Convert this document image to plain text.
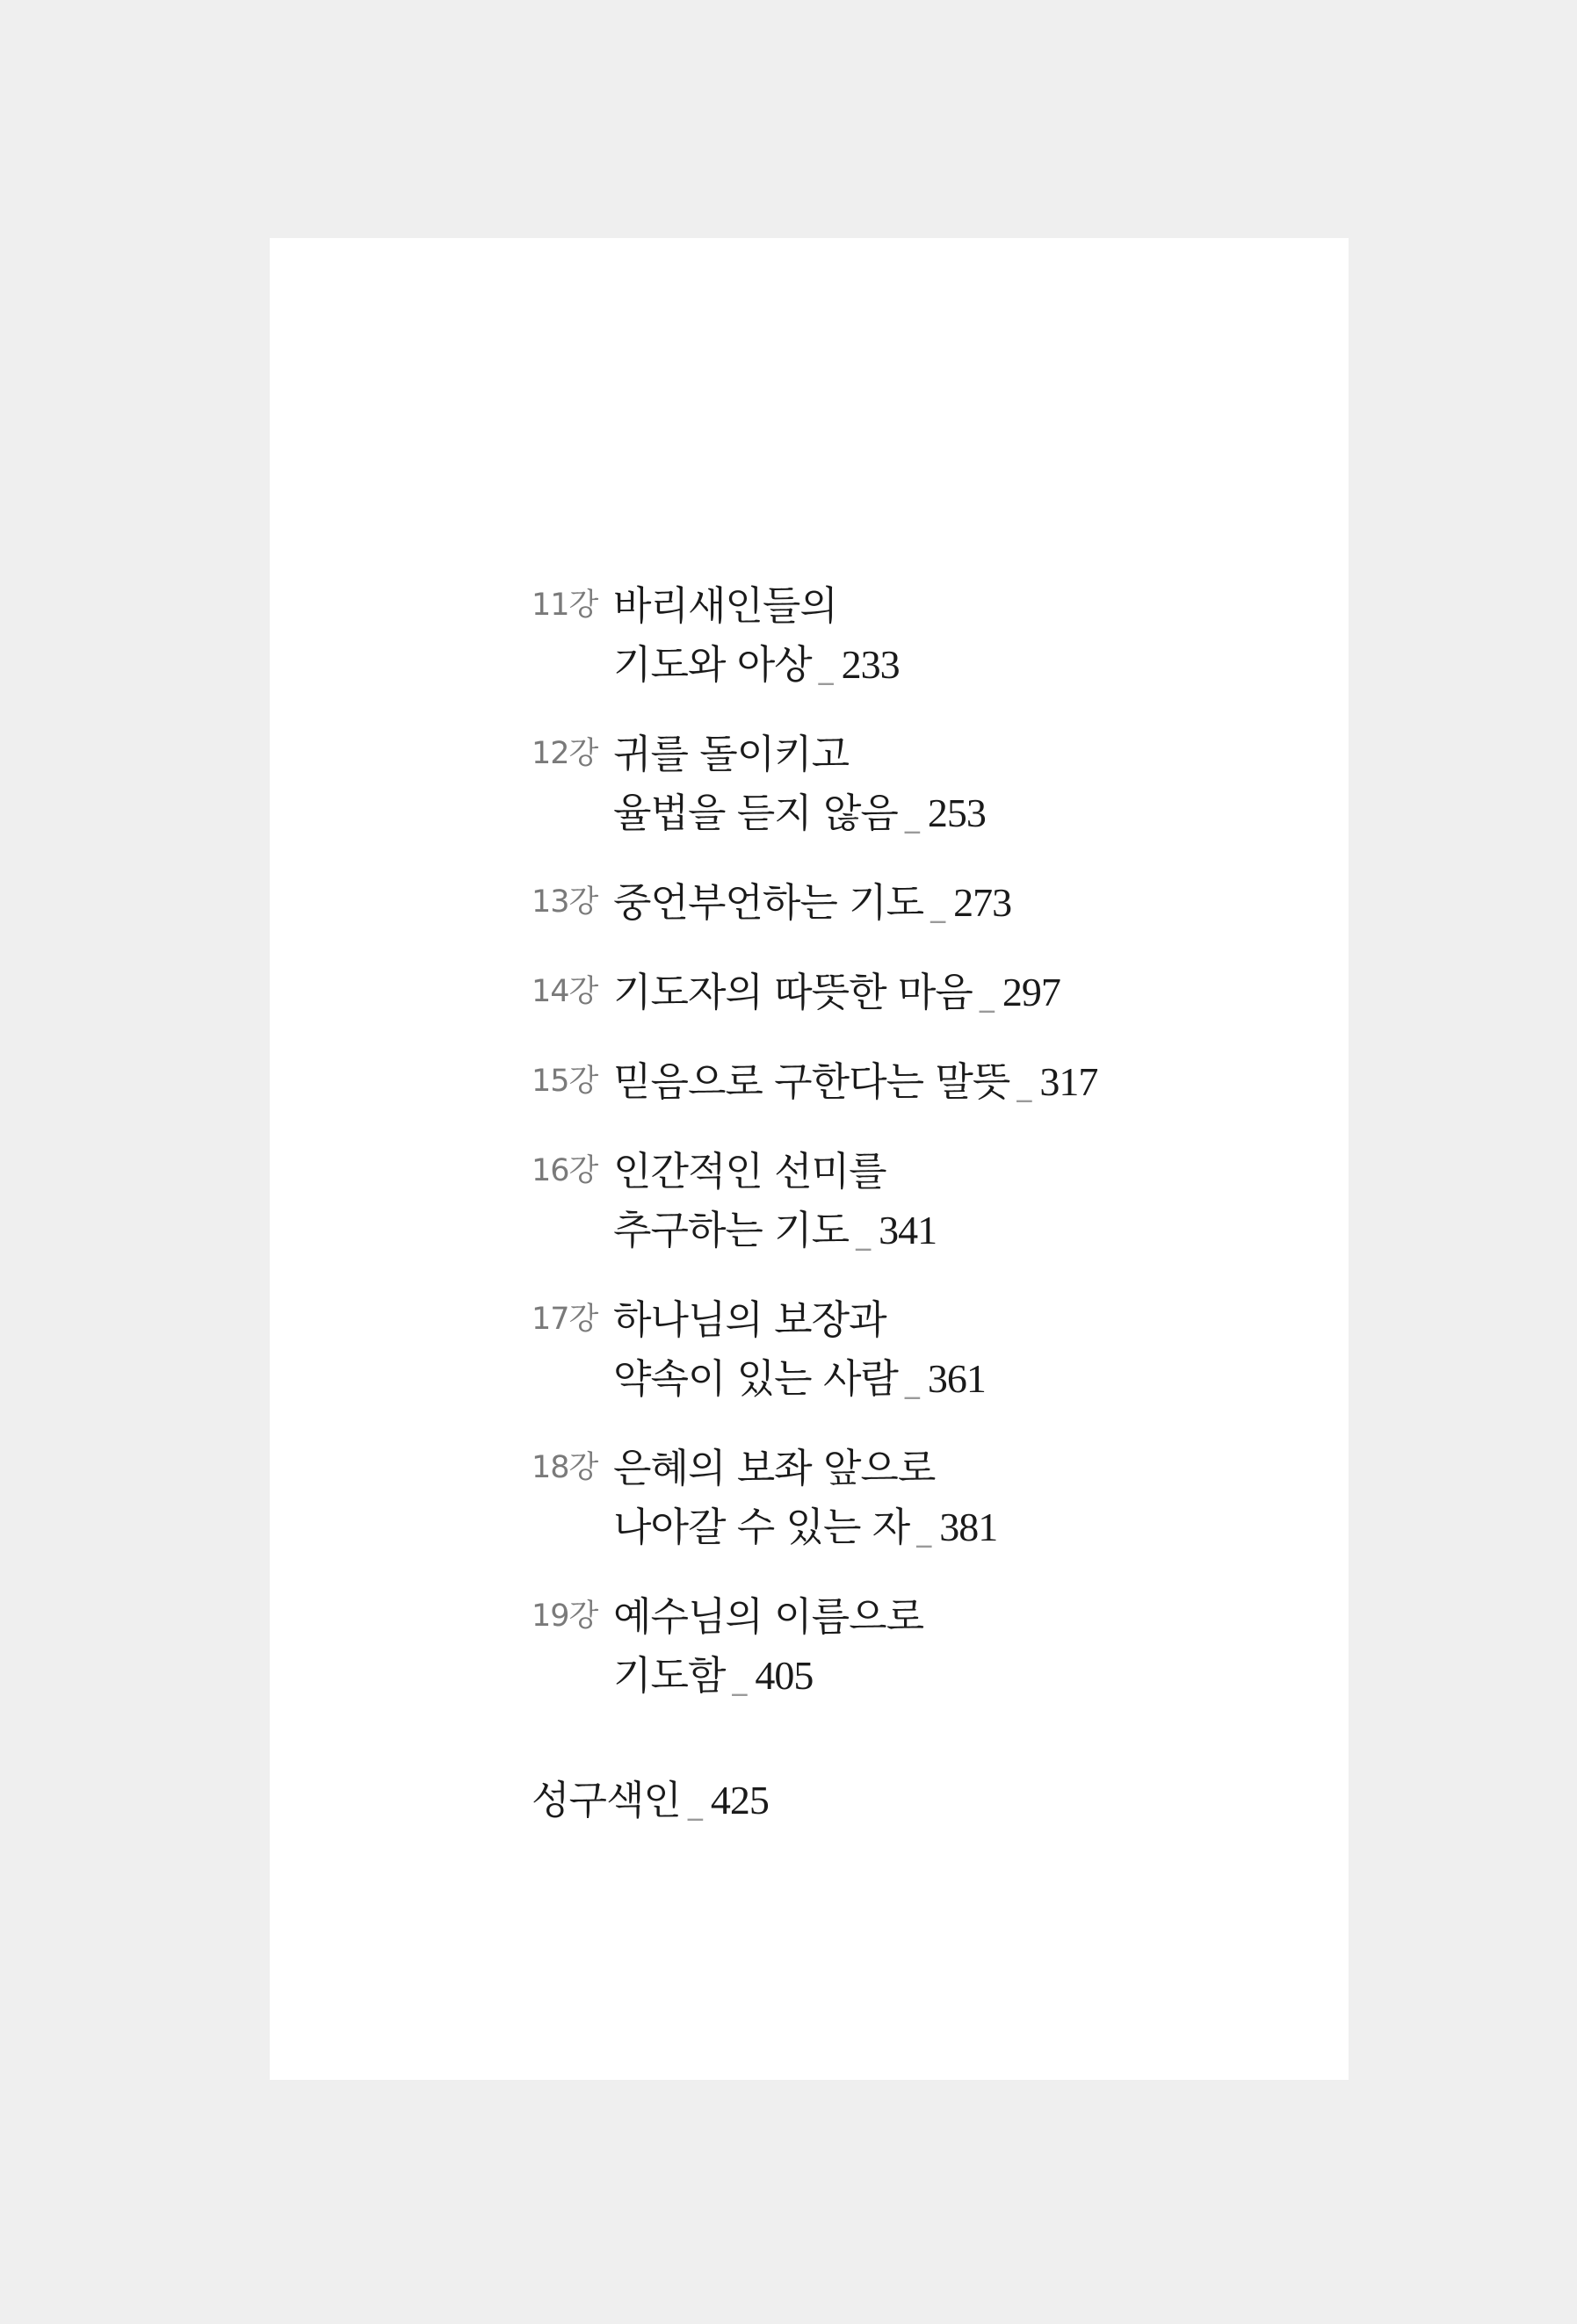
11강 바리새인들의
기도와 아상 _ 233
12강 귀를 돌이키고
율법을 듣지 않음 _ 253
13강 중언부언하는 기도 _ 273
14강 기도자의 따뜻한 마음 _ 297
15강 믿음으로 구한다는 말뜻 _ 317
16강 인간적인 선미를
추구하는 기도 _ 341
17강 하나님의 보장과
약속이 있는 사람 _ 361
18강 은혜의 보좌 앞으로
나아갈 수 있는 자 _ 381
19강 예수님의 이름으로
기도함 _ 405
성구색인 _ 425
